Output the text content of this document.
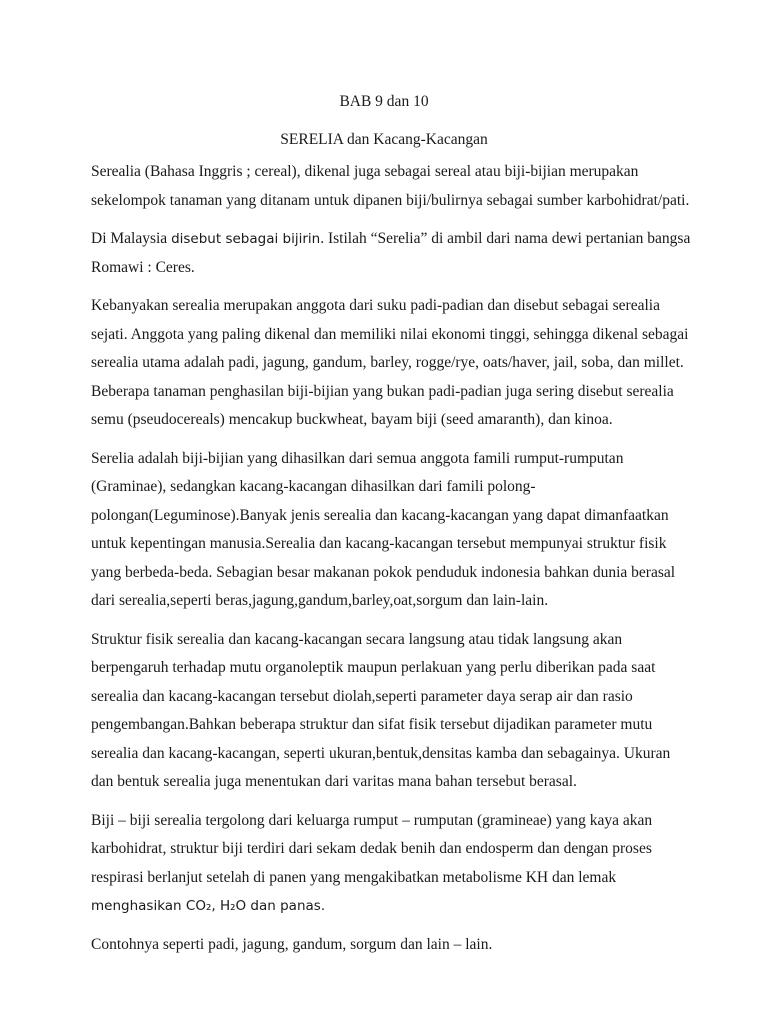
BAB 9 dan 10
SERELIA dan Kacang-Kacangan

Serealia (Bahasa Inggris ; cereal), dikenal juga sebagai sereal atau biji-bijian merupakan
sekelompok tanaman yang ditanam untuk dipanen biji/bulirnya sebagai sumber karbohidrat/pati.

Di Malaysia disebut sebagai bijirin. Istilah “Serelia” di ambil dari nama dewi pertanian bangsa
Romawi : Ceres.

Kebanyakan serealia merupakan anggota dari suku padi-padian dan disebut sebagai serealia
sejati. Anggota yang paling dikenal dan memiliki nilai ekonomi tinggi, sehingga dikenal sebagai
serealia utama adalah padi, jagung, gandum, barley, rogge/rye, oats/haver, jail, soba, dan millet.
Beberapa tanaman penghasilan biji-bijian yang bukan padi-padian juga sering disebut serealia
semu (pseudocereals) mencakup buckwheat, bayam biji (seed amaranth), dan kinoa.

Serelia adalah biji-bijian yang dihasilkan dari semua anggota famili rumput-rumputan
(Graminae), sedangkan kacang-kacangan dihasilkan dari famili polong-
polongan(Leguminose).Banyak jenis serealia dan kacang-kacangan yang dapat dimanfaatkan
untuk kepentingan manusia.Serealia dan kacang-kacangan tersebut mempunyai struktur fisik
yang berbeda-beda. Sebagian besar makanan pokok penduduk indonesia bahkan dunia berasal
dari serealia,seperti beras,jagung,gandum,barley,oat,sorgum dan lain-lain.

Struktur fisik serealia dan kacang-kacangan secara langsung atau tidak langsung akan
berpengaruh terhadap mutu organoleptik maupun perlakuan yang perlu diberikan pada saat
serealia dan kacang-kacangan tersebut diolah,seperti parameter daya serap air dan rasio
pengembangan.Bahkan beberapa struktur dan sifat fisik tersebut dijadikan parameter mutu
serealia dan kacang-kacangan, seperti ukuran,bentuk,densitas kamba dan sebagainya. Ukuran
dan bentuk serealia juga menentukan dari varitas mana bahan tersebut berasal.

Biji – biji serealia tergolong dari keluarga rumput – rumputan (gramineae) yang kaya akan
karbohidrat, struktur biji terdiri dari sekam dedak benih dan endosperm dan dengan proses
respirasi berlanjut setelah di panen yang mengakibatkan metabolisme KH dan lemak
menghasikan CO₂, H₂O dan panas.

Contohnya seperti padi, jagung, gandum, sorgum dan lain – lain.
